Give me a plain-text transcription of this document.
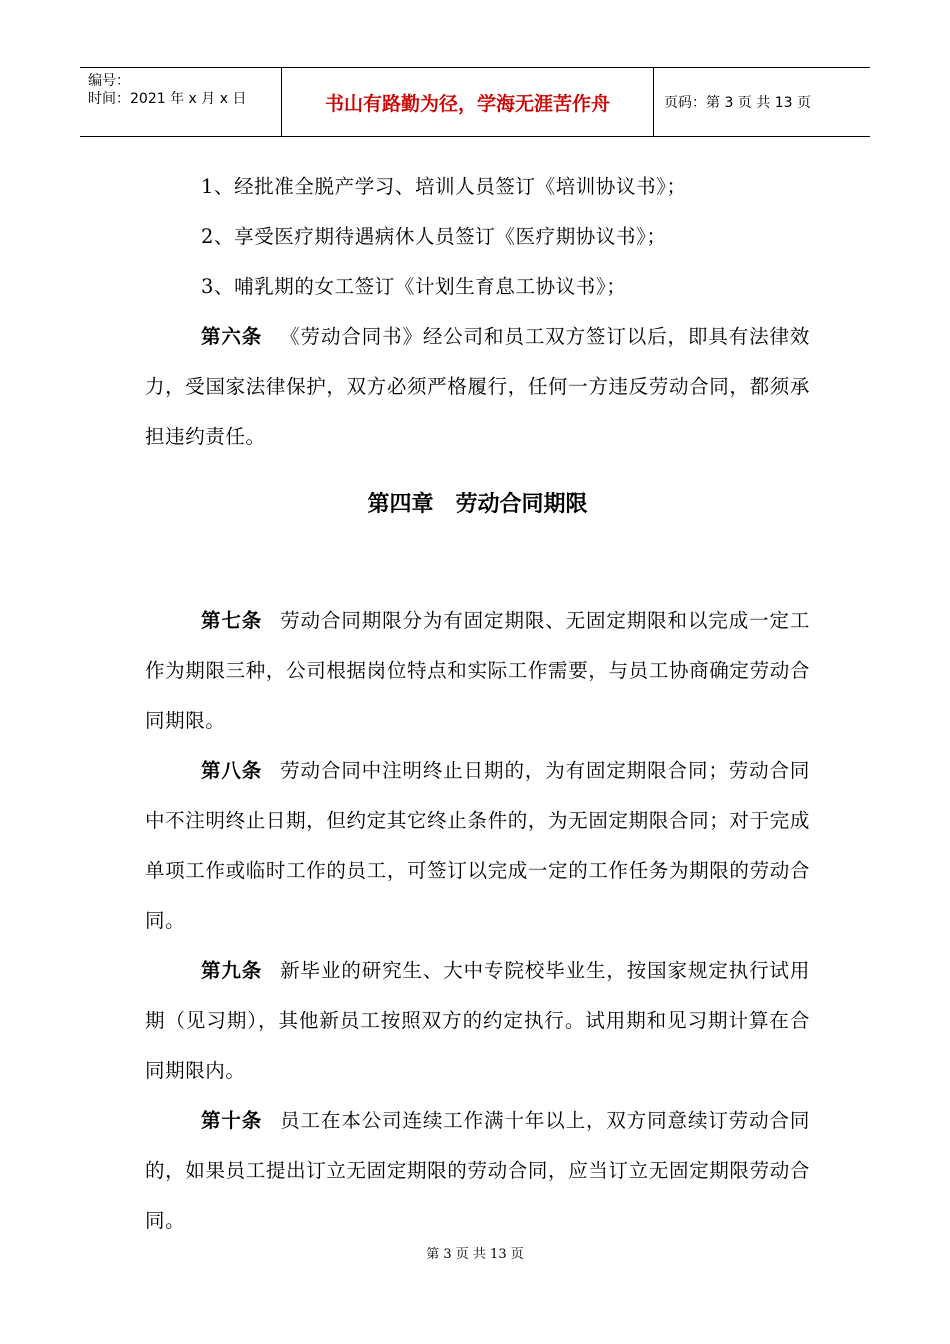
编号：
时间：2021 年 x 月 x 日	书山有路勤为径，学海无涯苦作舟	页码：第 3 页 共 13 页

1、经批准全脱产学习、培训人员签订《培训协议书》；

2、享受医疗期待遇病休人员签订《医疗期协议书》；

3、哺乳期的女工签订《计划生育息工协议书》；

第六条 《劳动合同书》经公司和员工双方签订以后，即具有法律效力，受国家法律保护，双方必须严格履行，任何一方违反劳动合同，都须承担违约责任。

第四章　劳动合同期限

第七条 劳动合同期限分为有固定期限、无固定期限和以完成一定工作为期限三种，公司根据岗位特点和实际工作需要，与员工协商确定劳动合同期限。

第八条 劳动合同中注明终止日期的，为有固定期限合同；劳动合同中不注明终止日期，但约定其它终止条件的，为无固定期限合同；对于完成单项工作或临时工作的员工，可签订以完成一定的工作任务为期限的劳动合同。

第九条 新毕业的研究生、大中专院校毕业生，按国家规定执行试用期（见习期），其他新员工按照双方的约定执行。试用期和见习期计算在合同期限内。

第十条 员工在本公司连续工作满十年以上，双方同意续订劳动合同的，如果员工提出订立无固定期限的劳动合同，应当订立无固定期限劳动合同。

第 3 页 共 13 页
